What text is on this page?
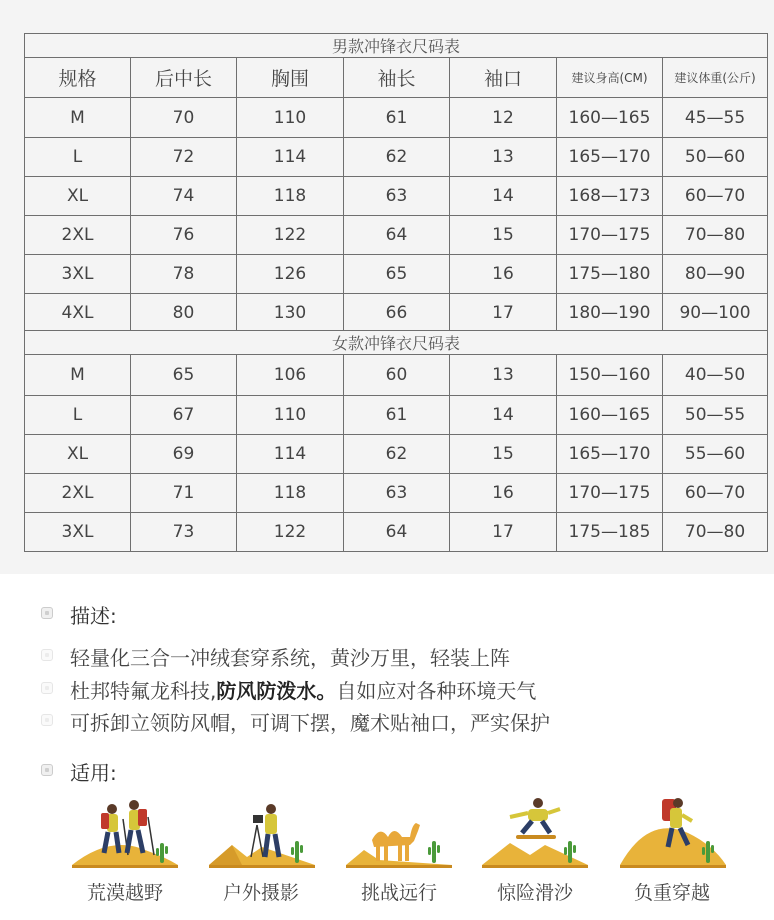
男款冲锋衣尺码表						
规格	后中长	胸围	袖长	袖口	建议身高(CM)	建议体重(公斤)
M	70	110	61	12	160—165	45—55
L	72	114	62	13	165—170	50—60
XL	74	118	63	14	168—173	60—70
2XL	76	122	64	15	170—175	70—80
3XL	78	126	65	16	175—180	80—90
4XL	80	130	66	17	180—190	90—100
女款冲锋衣尺码表						
M	65	106	60	13	150—160	40—50
L	67	110	61	14	160—165	50—55
XL	69	114	62	15	165—170	55—60
2XL	71	118	63	16	170—175	60—70
3XL	73	122	64	17	175—185	70—80
描述:
轻量化三合一冲绒套穿系统，黄沙万里，轻装上阵
杜邦特氟龙科技,防风防泼水。自如应对各种环境天气
可拆卸立领防风帽，可调下摆，魔术贴袖口，严实保护
适用:
荒漠越野	户外摄影	挑战远行	惊险滑沙	负重穿越
